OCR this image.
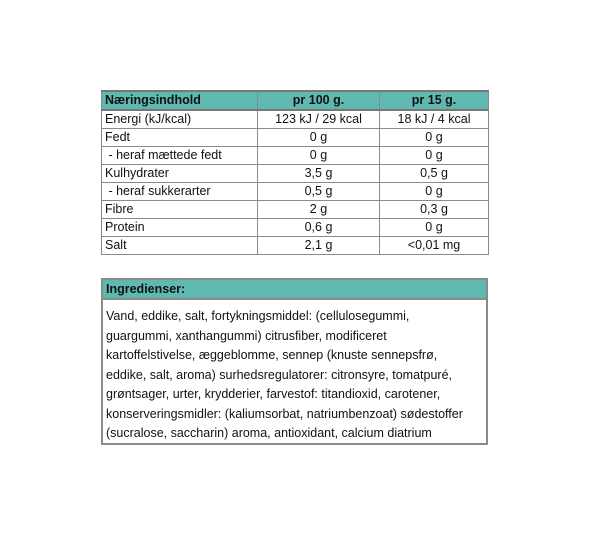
Næringsindhold	pr 100 g.	pr 15 g.
Energi (kJ/kcal)	123 kJ / 29 kcal	18 kJ / 4 kcal
Fedt	0 g	0 g
- heraf mættede fedt	0 g	0 g
Kulhydrater	3,5 g	0,5 g
- heraf sukkerarter	0,5 g	0 g
Fibre	2 g	0,3 g
Protein	0,6 g	0 g
Salt	2,1 g	<0,01 mg
Ingredienser:
Vand, eddike, salt, fortykningsmiddel: (cellulosegummi,
guargummi, xanthangummi) citrusfiber, modificeret
kartoffelstivelse, æggeblomme, sennep (knuste sennepsfrø,
eddike, salt, aroma) surhedsregulatorer: citronsyre, tomatpuré,
grøntsager, urter, krydderier, farvestof: titandioxid, carotener,
konserveringsmidler: (kaliumsorbat, natriumbenzoat) sødestoffer
(sucralose, saccharin) aroma, antioxidant, calcium diatrium
